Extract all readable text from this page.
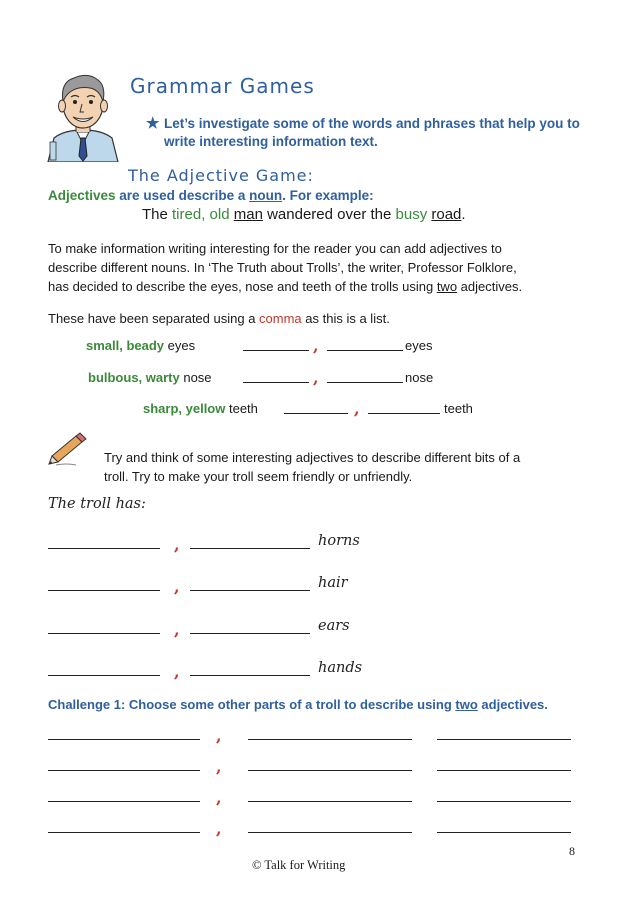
Grammar Games
★ Let’s investigate some of the words and phrases that help you to
write interesting information text.
The Adjective Game:
Adjectives are used describe a noun. For example:
The tired, old man wandered over the busy road.
To make information writing interesting for the reader you can add adjectives to
describe different nouns. In ‘The Truth about Trolls’, the writer, Professor Folklore,
has decided to describe the eyes, nose and teeth of the trolls using two adjectives.
These have been separated using a comma as this is a list.
small, beady eyes	,	eyes
bulbous, warty nose	,	nose
sharp, yellow teeth	,	teeth
Try and think of some interesting adjectives to describe different bits of a
troll. Try to make your troll seem friendly or unfriendly.
The troll has:
,	horns
,	hair
,	ears
,	hands
Challenge 1: Choose some other parts of a troll to describe using two adjectives.
,
,
,
,
8
© Talk for Writing
